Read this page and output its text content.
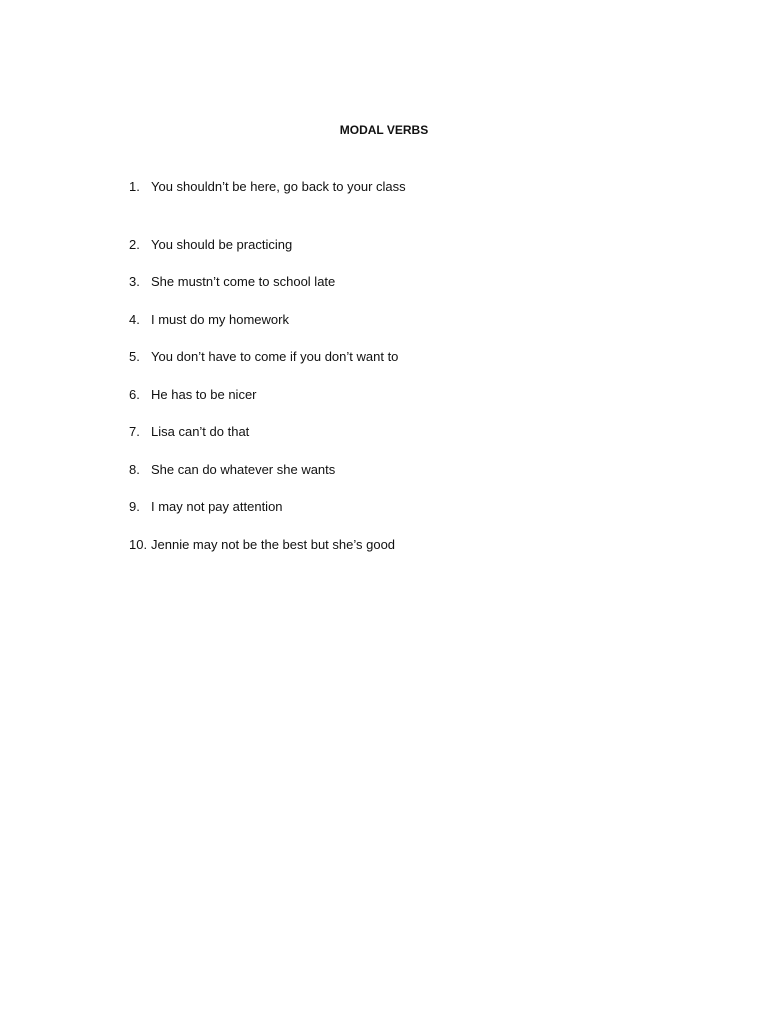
MODAL VERBS
1. You shouldn’t be here, go back to your class
2. You should be practicing
3. She mustn’t come to school late
4. I must do my homework
5. You don’t have to come if you don’t want to
6. He has to be nicer
7. Lisa can’t do that
8. She can do whatever she wants
9. I may not pay attention
10. Jennie may not be the best but she’s good
